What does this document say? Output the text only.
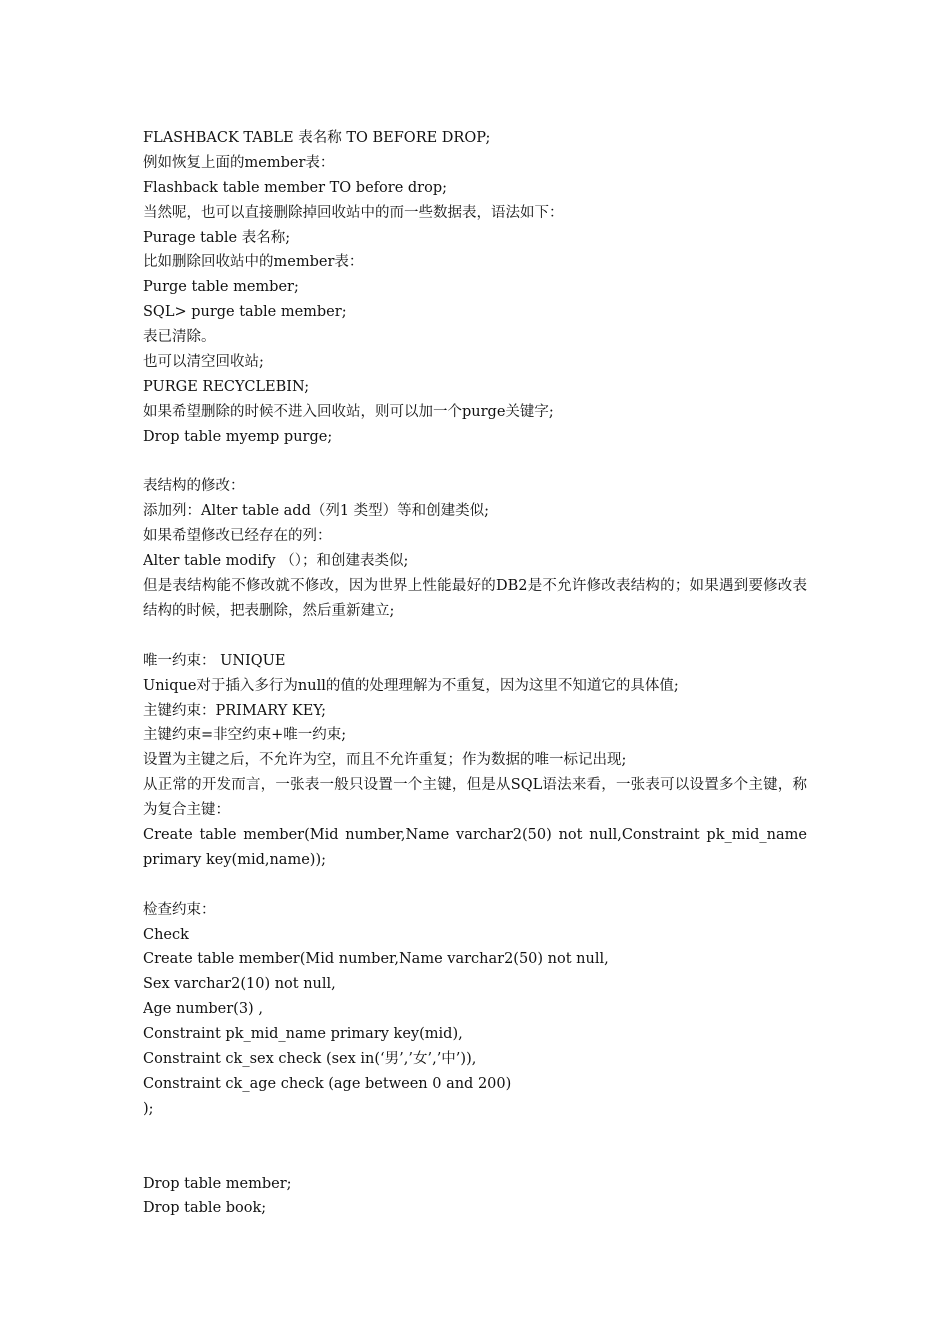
FLASHBACK TABLE 表名称 TO BEFORE DROP;
例如恢复上面的member表：
Flashback table member TO before drop;
当然呢，也可以直接删除掉回收站中的而一些数据表，语法如下：
Purage table 表名称;
比如删除回收站中的member表：
Purge table member;
SQL> purge table member;
表已清除。
也可以清空回收站;
PURGE RECYCLEBIN;
如果希望删除的时候不进入回收站，则可以加一个purge关键字;
Drop table myemp purge;
表结构的修改：
添加列：Alter table add（列1 类型）等和创建类似;
如果希望修改已经存在的列：
Alter table modify （）；和创建表类似;
但是表结构能不修改就不修改，因为世界上性能最好的DB2是不允许修改表结构的；如果遇到要修改表结构的时候，把表删除，然后重新建立;
唯一约束： UNIQUE
Unique对于插入多行为null的值的处理理解为不重复，因为这里不知道它的具体值;
主键约束：PRIMARY KEY;
主键约束=非空约束+唯一约束;
设置为主键之后，不允许为空，而且不允许重复；作为数据的唯一标记出现;
从正常的开发而言，一张表一般只设置一个主键，但是从SQL语法来看，一张表可以设置多个主键，称为复合主键：
Create table member(Mid number,Name varchar2(50) not null,Constraint pk_mid_name primary key(mid,name));
检查约束：
Check
Create table member(Mid number,Name varchar2(50) not null,
Sex varchar2(10) not null,
Age number(3) ,
Constraint pk_mid_name primary key(mid),
Constraint ck_sex check (sex in(‘男’,’女’,’中’)),
Constraint ck_age check (age between 0 and 200)
);
Drop table member;
Drop table book;
